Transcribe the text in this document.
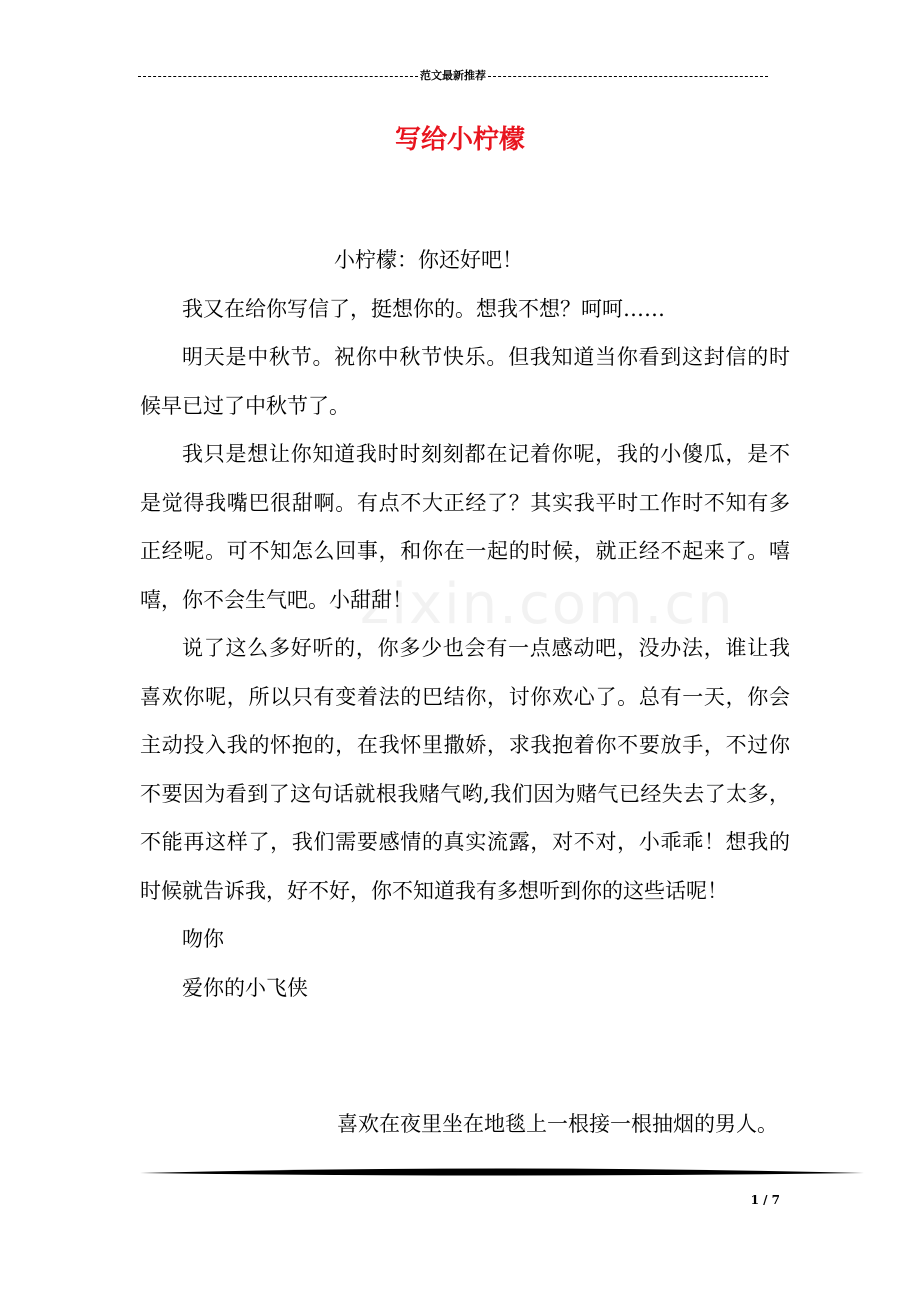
范文最新推荐
写给小柠檬
zixin.com.cn

小柠檬：你还好吧！

我又在给你写信了，挺想你的。想我不想？呵呵……

明天是中秋节。祝你中秋节快乐。但我知道当你看到这封信的时候早已过了中秋节了。

我只是想让你知道我时时刻刻都在记着你呢，我的小傻瓜，是不是觉得我嘴巴很甜啊。有点不大正经了？其实我平时工作时不知有多正经呢。可不知怎么回事，和你在一起的时候，就正经不起来了。嘻嘻，你不会生气吧。小甜甜！

说了这么多好听的，你多少也会有一点感动吧，没办法，谁让我喜欢你呢，所以只有变着法的巴结你，讨你欢心了。总有一天，你会主动投入我的怀抱的，在我怀里撒娇，求我抱着你不要放手，不过你不要因为看到了这句话就根我赌气哟,我们因为赌气已经失去了太多，不能再这样了，我们需要感情的真实流露，对不对，小乖乖！想我的时候就告诉我，好不好，你不知道我有多想听到你的这些话呢！

吻你

爱你的小飞侠

喜欢在夜里坐在地毯上一根接一根抽烟的男人。
1 / 7
